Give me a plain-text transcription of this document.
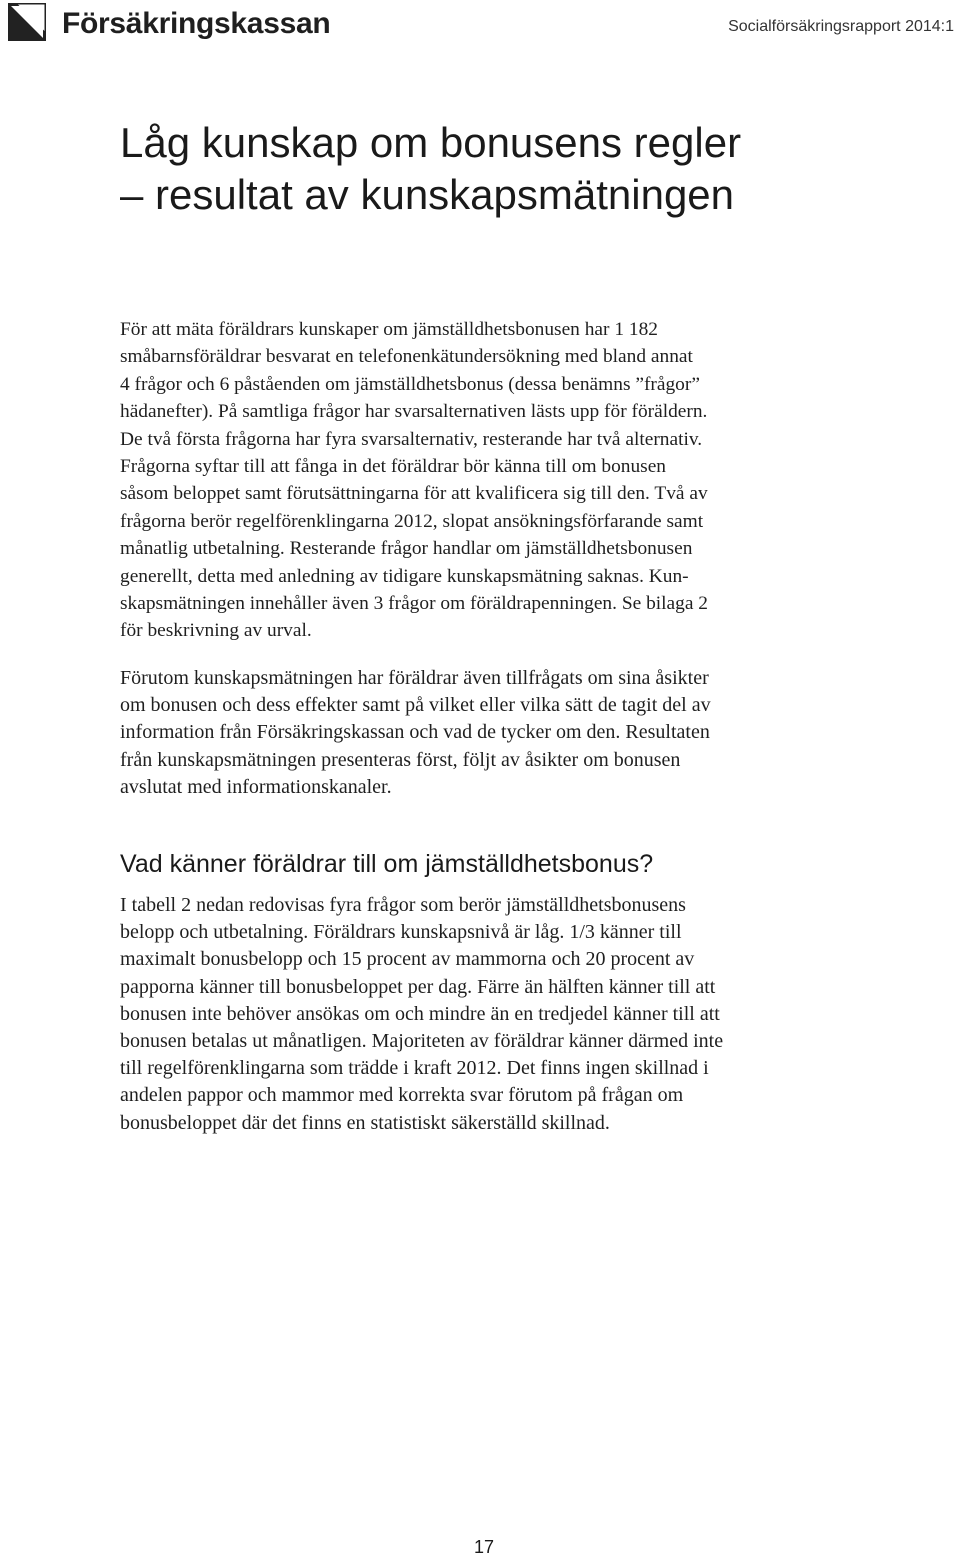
Försäkringskassan	Socialförsäkringsrapport 2014:1
Låg kunskap om bonusens regler
– resultat av kunskapsmätningen

För att mäta föräldrars kunskaper om jämställdhetsbonusen har 1 182
småbarnsföräldrar besvarat en telefonenkätundersökning med bland annat
4 frågor och 6 påståenden om jämställdhetsbonus (dessa benämns ”frågor”
hädanefter). På samtliga frågor har svarsalternativen lästs upp för föräldern.
De två första frågorna har fyra svarsalternativ, resterande har två alternativ.
Frågorna syftar till att fånga in det föräldrar bör känna till om bonusen
såsom beloppet samt förutsättningarna för att kvalificera sig till den. Två av
frågorna berör regelförenklingarna 2012, slopat ansökningsförfarande samt
månatlig utbetalning. Resterande frågor handlar om jämställdhetsbonusen
generellt, detta med anledning av tidigare kunskapsmätning saknas. Kun-
skapsmätningen innehåller även 3 frågor om föräldrapenningen. Se bilaga 2
för beskrivning av urval.

Förutom kunskapsmätningen har föräldrar även tillfrågats om sina åsikter
om bonusen och dess effekter samt på vilket eller vilka sätt de tagit del av
information från Försäkringskassan och vad de tycker om den. Resultaten
från kunskapsmätningen presenteras först, följt av åsikter om bonusen
avslutat med informationskanaler.

Vad känner föräldrar till om jämställdhetsbonus?

I tabell 2 nedan redovisas fyra frågor som berör jämställdhetsbonusens
belopp och utbetalning. Föräldrars kunskapsnivå är låg. 1/3 känner till
maximalt bonusbelopp och 15 procent av mammorna och 20 procent av
papporna känner till bonusbeloppet per dag. Färre än hälften känner till att
bonusen inte behöver ansökas om och mindre än en tredjedel känner till att
bonusen betalas ut månatligen. Majoriteten av föräldrar känner därmed inte
till regelförenklingarna som trädde i kraft 2012. Det finns ingen skillnad i
andelen pappor och mammor med korrekta svar förutom på frågan om
bonusbeloppet där det finns en statistiskt säkerställd skillnad.

17
